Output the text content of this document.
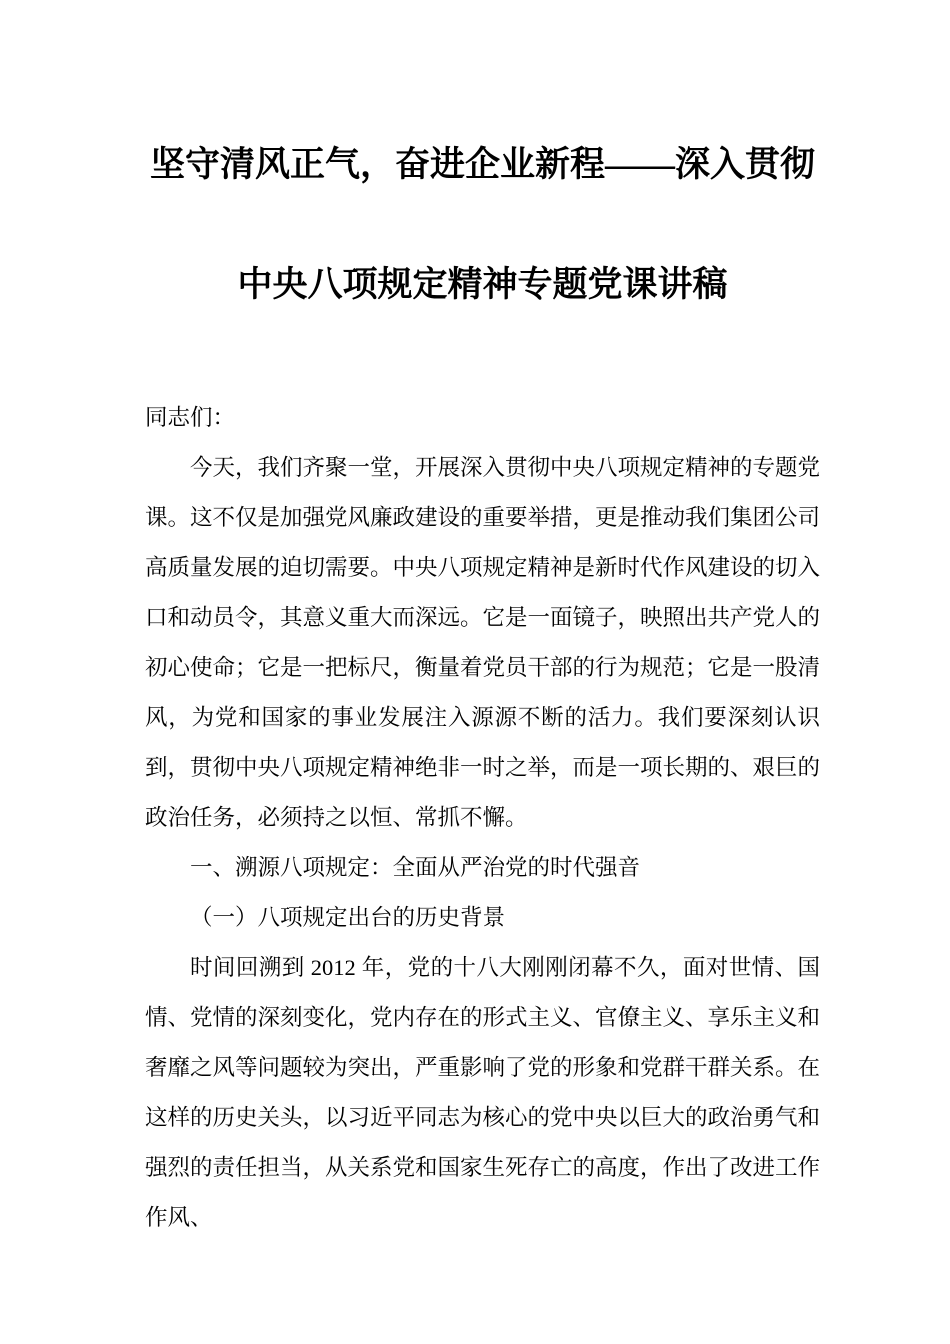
坚守清风正气，奋进企业新程——深入贯彻
中央八项规定精神专题党课讲稿

同志们：

今天，我们齐聚一堂，开展深入贯彻中央八项规定精神的专题党课。这不仅是加强党风廉政建设的重要举措，更是推动我们集团公司高质量发展的迫切需要。中央八项规定精神是新时代作风建设的切入口和动员令，其意义重大而深远。它是一面镜子，映照出共产党人的初心使命；它是一把标尺，衡量着党员干部的行为规范；它是一股清风，为党和国家的事业发展注入源源不断的活力。我们要深刻认识到，贯彻中央八项规定精神绝非一时之举，而是一项长期的、艰巨的政治任务，必须持之以恒、常抓不懈。

一、溯源八项规定：全面从严治党的时代强音

（一）八项规定出台的历史背景

时间回溯到 2012 年，党的十八大刚刚闭幕不久，面对世情、国情、党情的深刻变化，党内存在的形式主义、官僚主义、享乐主义和奢靡之风等问题较为突出，严重影响了党的形象和党群干群关系。在这样的历史关头，以习近平同志为核心的党中央以巨大的政治勇气和强烈的责任担当，从关系党和国家生死存亡的高度，作出了改进工作作风、
